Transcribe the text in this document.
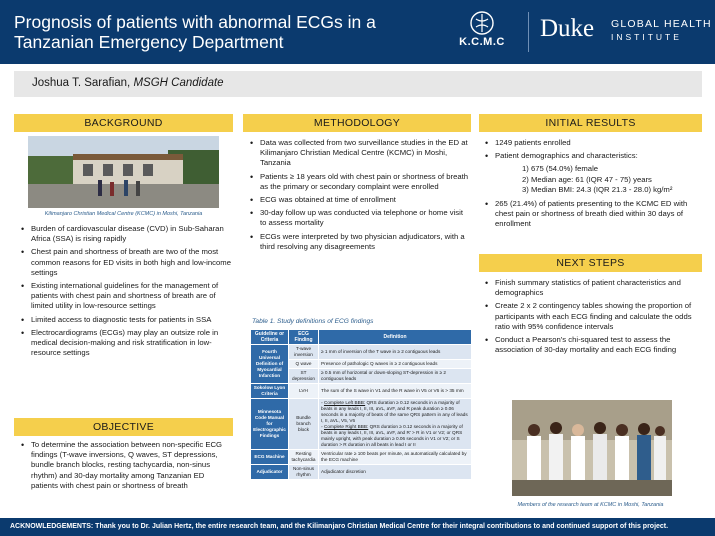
Prognosis of patients with abnormal ECGs in a Tanzanian Emergency Department	K.C.M.C	Duke GLOBAL HEALTH
INSTITUTE
Joshua T. Sarafian, MSGH Candidate
BACKGROUND
Kilimanjaro Christian Medical Centre (KCMC) in Moshi, Tanzania
• Burden of cardiovascular disease (CVD) in Sub-Saharan Africa (SSA) is rising rapidly
• Chest pain and shortness of breath are two of the most common reasons for ED visits in both high and low-income settings
• Existing international guidelines for the management of patients with chest pain and shortness of breath are of limited utility in low-resource settings
• Limited access to diagnostic tests for patients in SSA
• Electrocardiograms (ECGs) may play an outsize role in medical decision-making and risk stratification in low-resource settings
OBJECTIVE
• To determine the association between non-specific ECG findings (T-wave inversions, Q waves, ST depressions, bundle branch blocks, resting tachycardia, non-sinus rhythm) and 30-day mortality among Tanzanian ED patients with chest pain or shortness of breath
METHODOLOGY
• Data was collected from two surveillance studies in the ED at Kilimanjaro Christian Medical Centre (KCMC) in Moshi, Tanzania
• Patients ≥ 18 years old with chest pain or shortness of breath as the primary or secondary complaint were enrolled
• ECG was obtained at time of enrollment
• 30-day follow up was conducted via telephone or home visit to assess mortality
• ECGs were interpreted by two physician adjudicators, with a third resolving any disagreements
Table 1. Study definitions of ECG findings
Guideline or Criteria	ECG Finding	Definition
Fourth Universal Definition of Myocardial Infarction	T-wave inversion	≥ 1 mm of inversion of the T wave in ≥ 2 contiguous leads
	Q wave	Presence of pathologic Q waves in ≥ 2 contiguous leads
	ST depression	≥ 0.5 mm of horizontal or down-sloping ST-depression in ≥ 2 contiguous leads
Sokolow Lyon Criteria	LVH	The sum of the S wave in V1 and the R wave in V5 or V6 is > 35 mm
Minnesota Code Manual for Electrographic Findings	Bundle branch block	◦ Complete Left BBB: QRS duration ≥ 0.12 seconds in a majority of beats in any leads I, II, III, aVL, aVF, and R peak duration ≥ 0.06 seconds in a majority of beats of the same QRS pattern in any of leads I, II, aVL, V5, V6
◦ Complete Right BBB: QRS duration ≥ 0.12 seconds in a majority of beats in any leads I, II, III, aVL, aVF, and R' > R in V1 or V2; or QRS mainly upright, with peak duration ≥ 0.06 seconds in V1 or V2; or S duration > R duration in all beats in lead I or II

ECG Machine	Resting tachycardia	Ventricular rate ≥ 100 beats per minute, as automatically calculated by the ECG machine
Adjudicator	Non-sinus rhythm	Adjudicator discretion
INITIAL RESULTS
• 1249 patients enrolled
• Patient demographics and characteristics:
1) 675 (54.0%) female
2) Median age: 61 (IQR 47 - 75) years
3) Median BMI: 24.3 (IQR 21.3 - 28.0) kg/m²
• 265 (21.4%) of patients presenting to the KCMC ED with chest pain or shortness of breath died within 30 days of enrollment
NEXT STEPS
• Finish summary statistics of patient characteristics and demographics
• Create 2 x 2 contingency tables showing the proportion of participants with each ECG finding and calculate the odds ratio with 95% confidence intervals
• Conduct a Pearson's chi-squared test to assess the association of 30-day mortality and each ECG finding
Members of the research team at KCMC in Moshi, Tanzania
ACKNOWLEDGEMENTS: Thank you to Dr. Julian Hertz, the entire research team, and the Kilimanjaro Christian Medical Centre for their integral contributions to and continued support of this project.
